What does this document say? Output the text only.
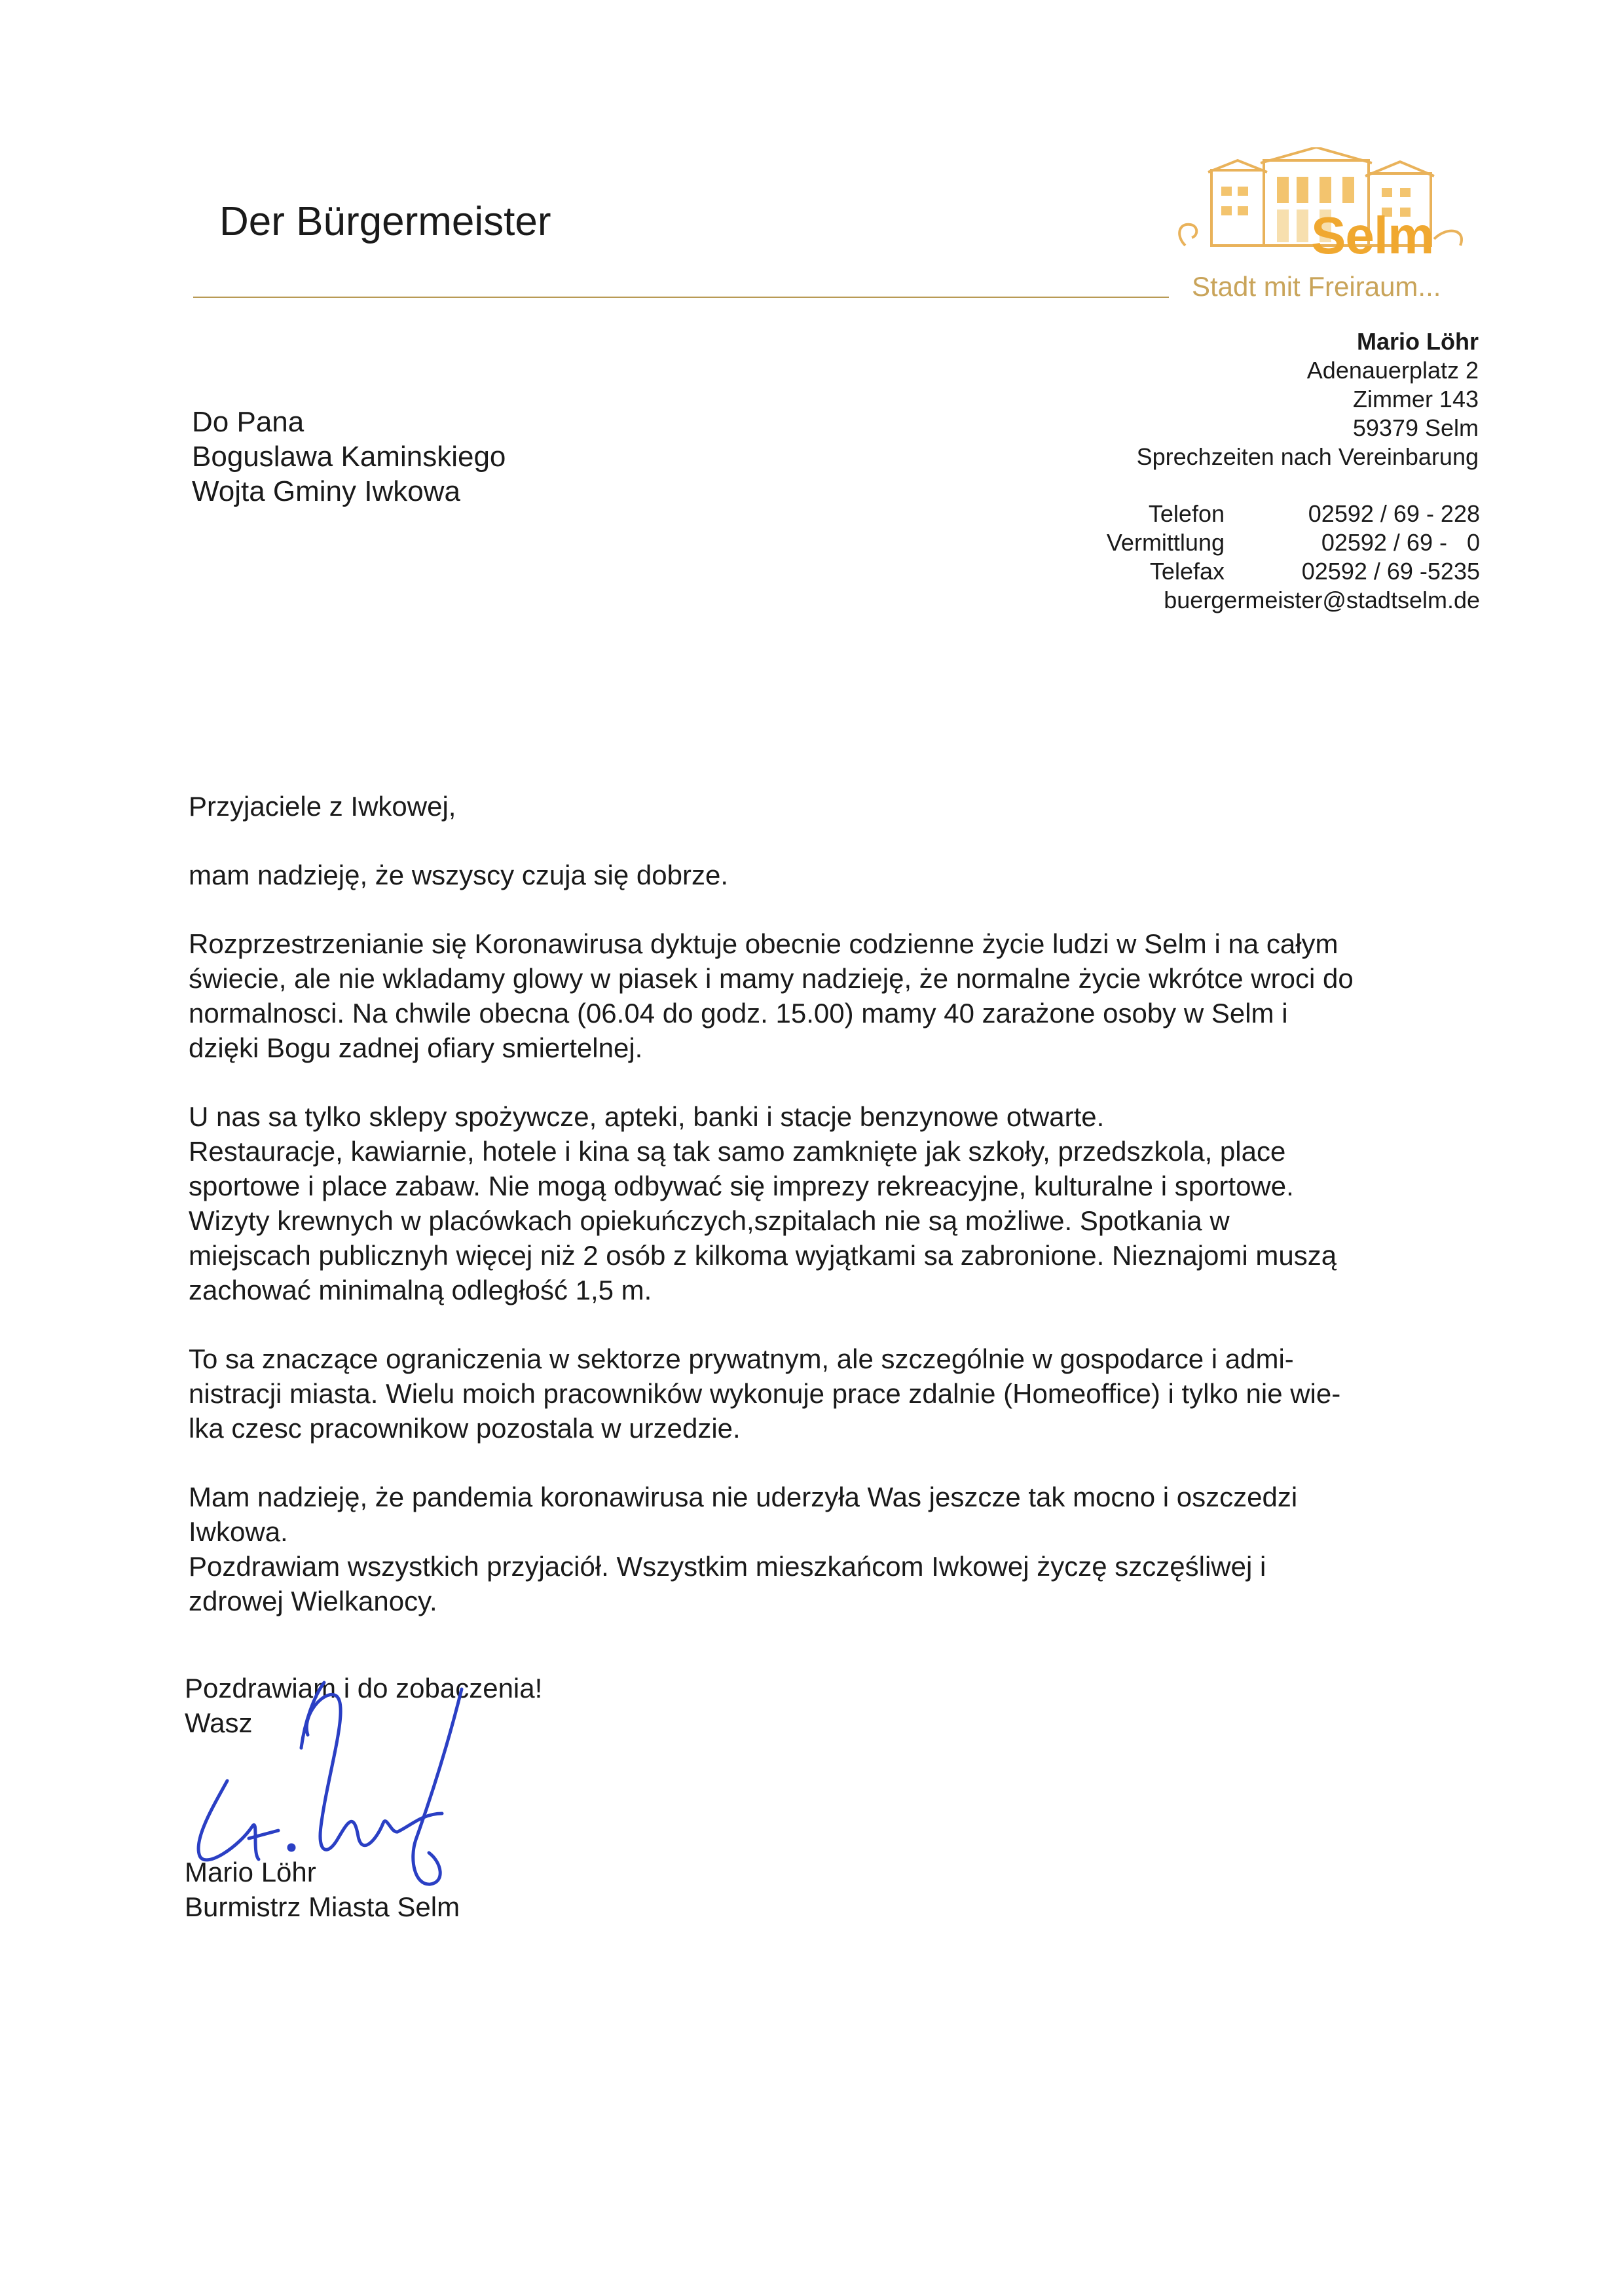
Der Bürgermeister	Selm
Stadt mit Freiraum...
Mario Löhr
Adenauerplatz 2
Zimmer 143
59379 Selm
Sprechzeiten nach Vereinbarung
Telefon	02592 / 69 - 228
Vermittlung	02592 / 69 -   0
Telefax	02592 / 69 -5235
buergermeister@stadtselm.de
Do Pana
Boguslawa Kaminskiego
Wojta Gminy Iwkowa

Przyjaciele z Iwkowej,

mam nadzieję, że wszyscy czuja się dobrze.

Rozprzestrzenianie się Koronawirusa dyktuje obecnie codzienne życie ludzi w Selm i na całym
świecie, ale nie wkladamy glowy w piasek i mamy nadzieję, że normalne życie wkrótce wroci do
normalnosci. Na chwile obecna (06.04 do godz. 15.00) mamy 40 zarażone osoby w Selm i
dzięki Bogu zadnej ofiary smiertelnej.

U nas sa tylko sklepy spożywcze, apteki, banki i stacje benzynowe otwarte.
Restauracje, kawiarnie, hotele i kina są tak samo zamknięte jak szkoły, przedszkola, place
sportowe i place zabaw. Nie mogą odbywać się imprezy rekreacyjne, kulturalne i sportowe.
Wizyty krewnych w placówkach opiekuńczych,szpitalach nie są możliwe. Spotkania w
miejscach publicznyh więcej niż 2 osób z kilkoma wyjątkami sa zabronione. Nieznajomi muszą
zachować minimalną odległość 1,5 m.

To sa znaczące ograniczenia w sektorze prywatnym, ale szczególnie w gospodarce i admi-
nistracji miasta. Wielu moich pracowników wykonuje prace zdalnie (Homeoffice) i tylko nie wie-
lka czesc pracownikow pozostala w urzedzie.

Mam nadzieję, że pandemia koronawirusa nie uderzyła Was jeszcze tak mocno i oszczedzi
Iwkowa.
Pozdrawiam wszystkich przyjaciół. Wszystkim mieszkańcom Iwkowej życzę szczęśliwej i
zdrowej Wielkanocy.

Pozdrawiam i do zobaczenia!
Wasz
Mario Löhr
Burmistrz Miasta Selm
